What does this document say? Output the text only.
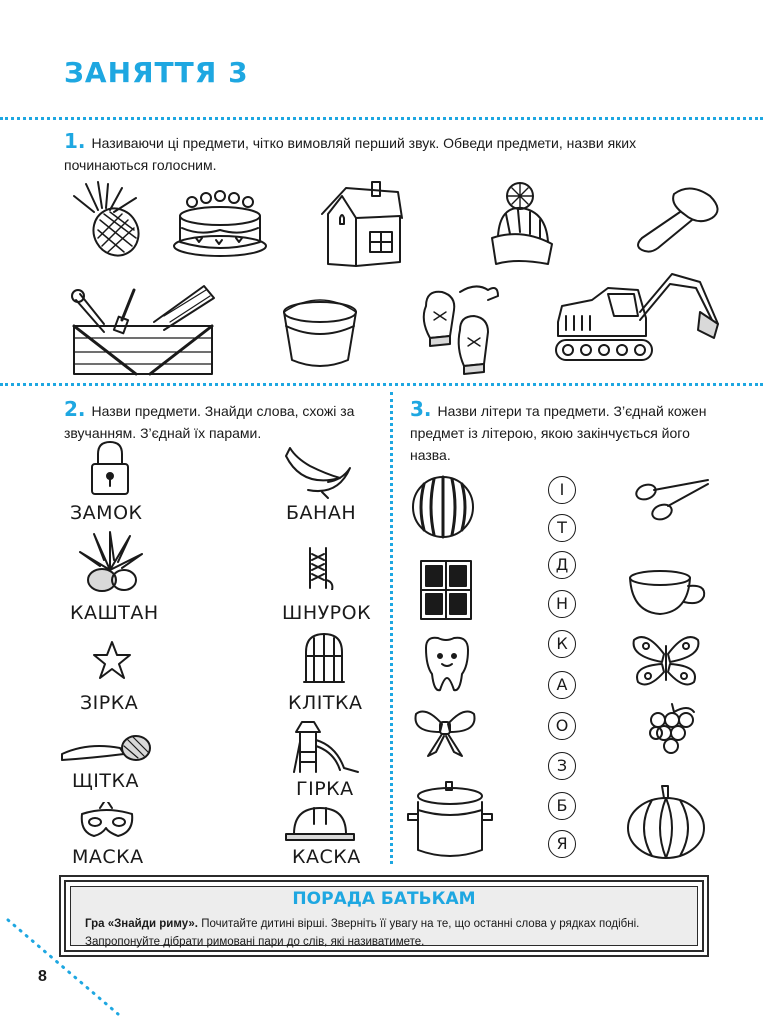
ЗАНЯТТЯ 3
1. Називаючи ці предмети, чітко вимовляй перший звук. Обведи предмети, назви яких починаються голосним.
2. Назви предмети. Знайди слова, схожі за звучанням. З’єднай їх парами.
ЗАМОК
КАШТАН
ЗІРКА
ЩІТКА
МАСКА
БАНАН
ШНУРОК
КЛІТКА
ГІРКА
КАСКА
3. Назви літери та предмети. З’єднай кожен предмет із літерою, якою закінчується його назва.
І
Т
Д
Н
К
А
О
З
Б
Я
ПОРАДА БАТЬКАМ
Гра «Знайди риму». Почитайте дитині вірші. Зверніть її увагу на те, що останні слова у рядках подібні. Запропонуйте дібрати римовані пари до слів, які називатимете.
8
